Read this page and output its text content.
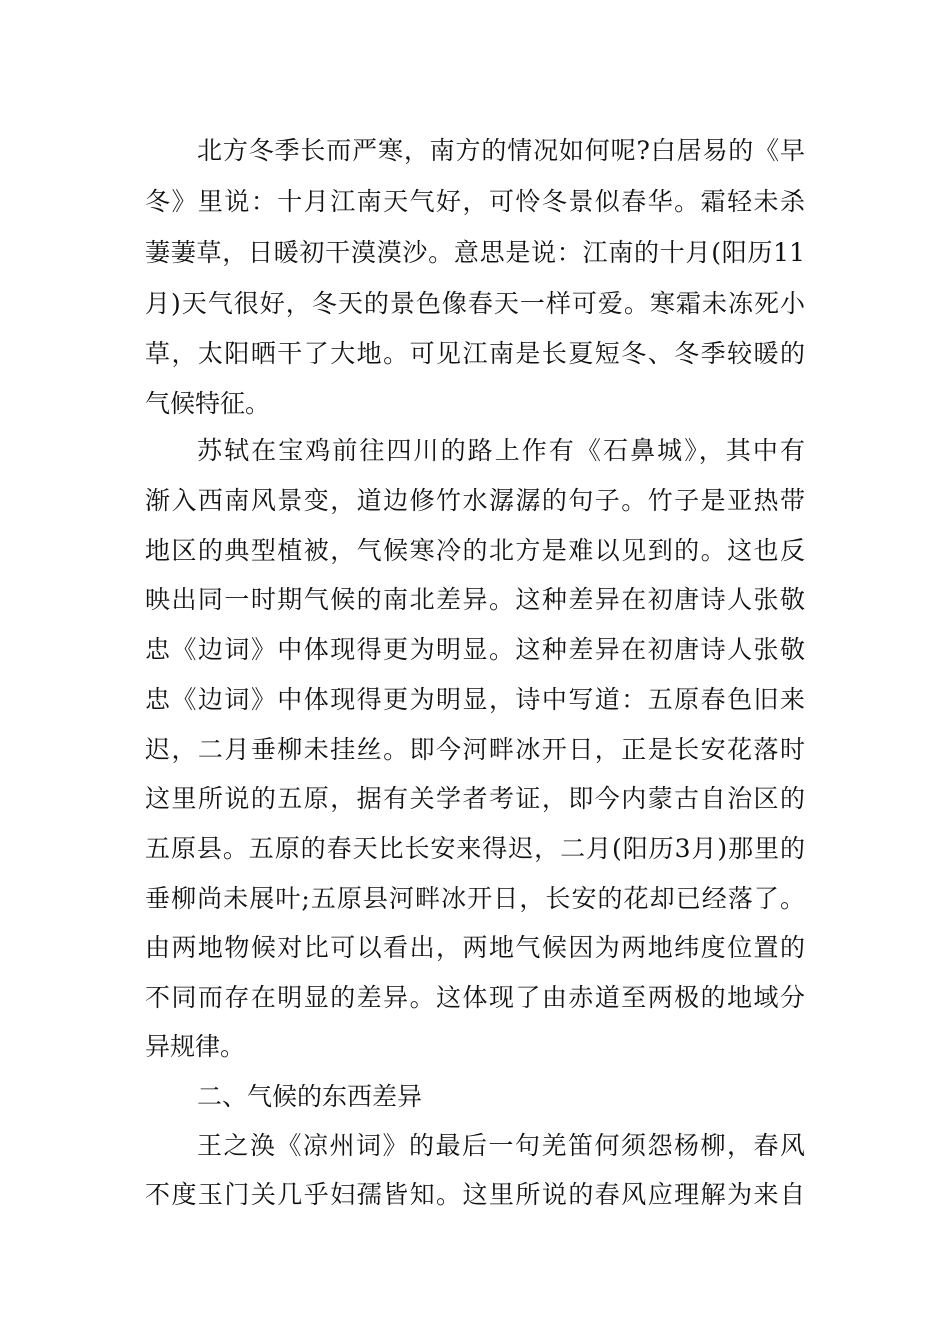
北方冬季长而严寒，南方的情况如何呢?白居易的《早
冬》里说：十月江南天气好，可怜冬景似春华。霜轻未杀
萋萋草，日暖初干漠漠沙。意思是说：江南的十月(阳历11
月)天气很好，冬天的景色像春天一样可爱。寒霜未冻死小
草，太阳晒干了大地。可见江南是长夏短冬、冬季较暖的
气候特征。
苏轼在宝鸡前往四川的路上作有《石鼻城》，其中有
渐入西南风景变，道边修竹水潺潺的句子。竹子是亚热带
地区的典型植被，气候寒冷的北方是难以见到的。这也反
映出同一时期气候的南北差异。这种差异在初唐诗人张敬
忠《边词》中体现得更为明显。这种差异在初唐诗人张敬
忠《边词》中体现得更为明显，诗中写道：五原春色旧来
迟，二月垂柳未挂丝。即今河畔冰开日，正是长安花落时
这里所说的五原，据有关学者考证，即今内蒙古自治区的
五原县。五原的春天比长安来得迟，二月(阳历3月)那里的
垂柳尚未展叶;五原县河畔冰开日，长安的花却已经落了。
由两地物候对比可以看出，两地气候因为两地纬度位置的
不同而存在明显的差异。这体现了由赤道至两极的地域分
异规律。
二、气候的东西差异
王之涣《凉州词》的最后一句羌笛何须怨杨柳，春风
不度玉门关几乎妇孺皆知。这里所说的春风应理解为来自
